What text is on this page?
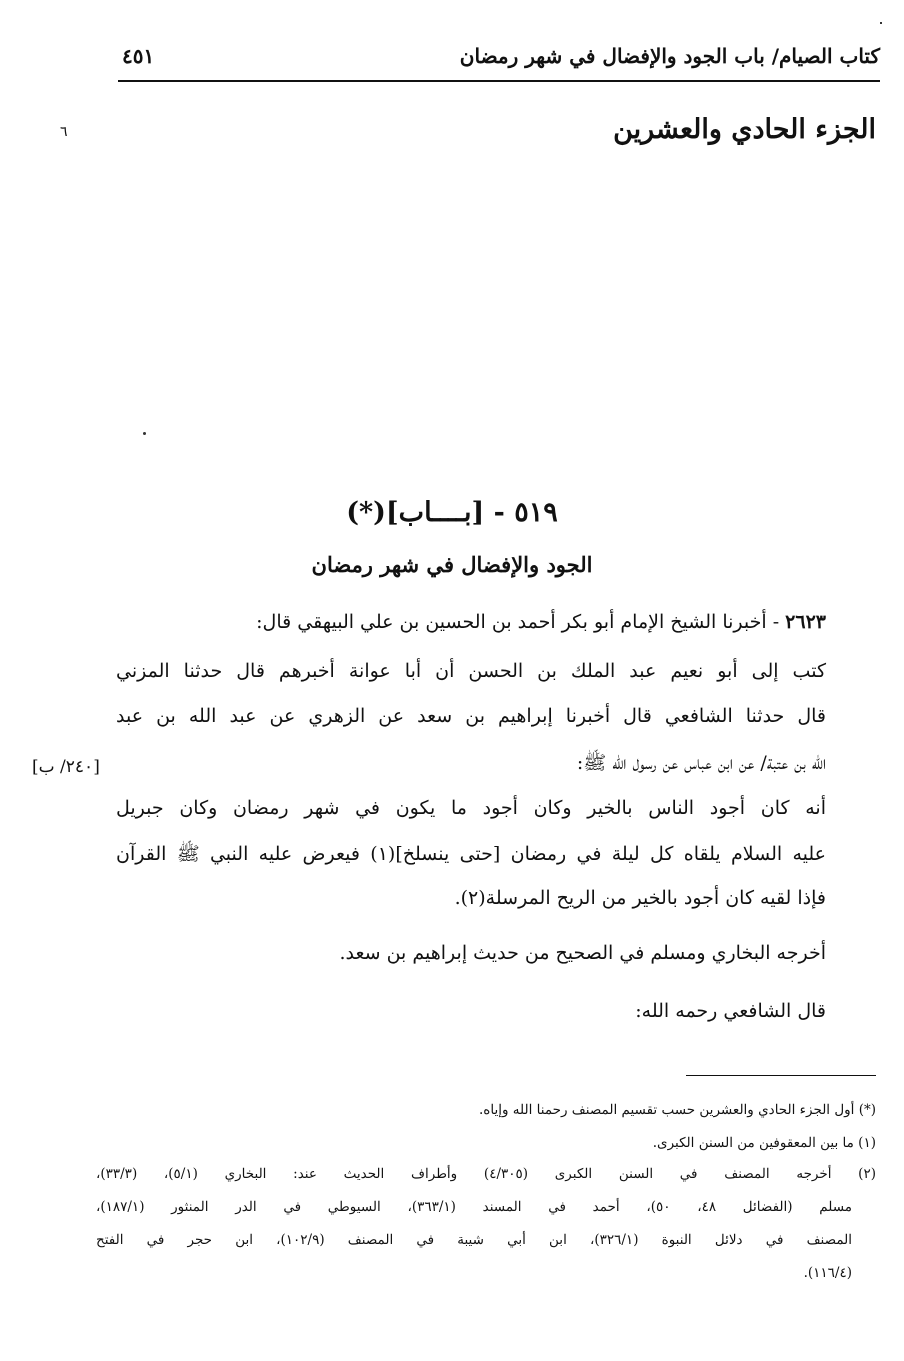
كتاب الصيام/ باب الجود والإفضال في شهر رمضان
٤٥١
الجزء الحادي والعشرين
٦
٥١٩ - [بــــاب](*)
الجود والإفضال في شهر رمضان
٢٦٢٣ - أخبرنا الشيخ الإمام أبو بكر أحمد بن الحسين بن علي البيهقي قال:
كتب إلى أبو نعيم عبد الملك بن الحسن أن أبا عوانة أخبرهم قال حدثنا المزني
قال حدثنا الشافعي قال أخبرنا إبراهيم بن سعد عن الزهري عن عبد الله بن عبد
الله بن عتبة/ عن ابن عباس عن رسول الله ﷺ:
[٢٤٠/ ب]
أنه كان أجود الناس بالخير وكان أجود ما يكون في شهر رمضان وكان جبريل
عليه السلام يلقاه كل ليلة في رمضان [حتى ينسلخ](١) فيعرض عليه النبي ﷺ القرآن
فإذا لقيه كان أجود بالخير من الريح المرسلة(٢).
أخرجه البخاري ومسلم في الصحيح من حديث إبراهيم بن سعد.
قال الشافعي رحمه الله:
(*) أول الجزء الحادي والعشرين حسب تقسيم المصنف رحمنا الله وإياه.
(١) ما بين المعقوفين من السنن الكبرى.
(٢) أخرجه المصنف في السنن الكبرى (٤/٣٠٥) وأطراف الحديث عند: البخاري (٥/١)، (٣٣/٣)،
مسلم (الفضائل ٤٨، ٥٠)، أحمد في المسند (٣٦٣/١)، السيوطي في الدر المنثور (١٨٧/١)،
المصنف في دلائل النبوة (٣٢٦/١)، ابن أبي شيبة في المصنف (١٠٢/٩)، ابن حجر في الفتح
(١١٦/٤).
